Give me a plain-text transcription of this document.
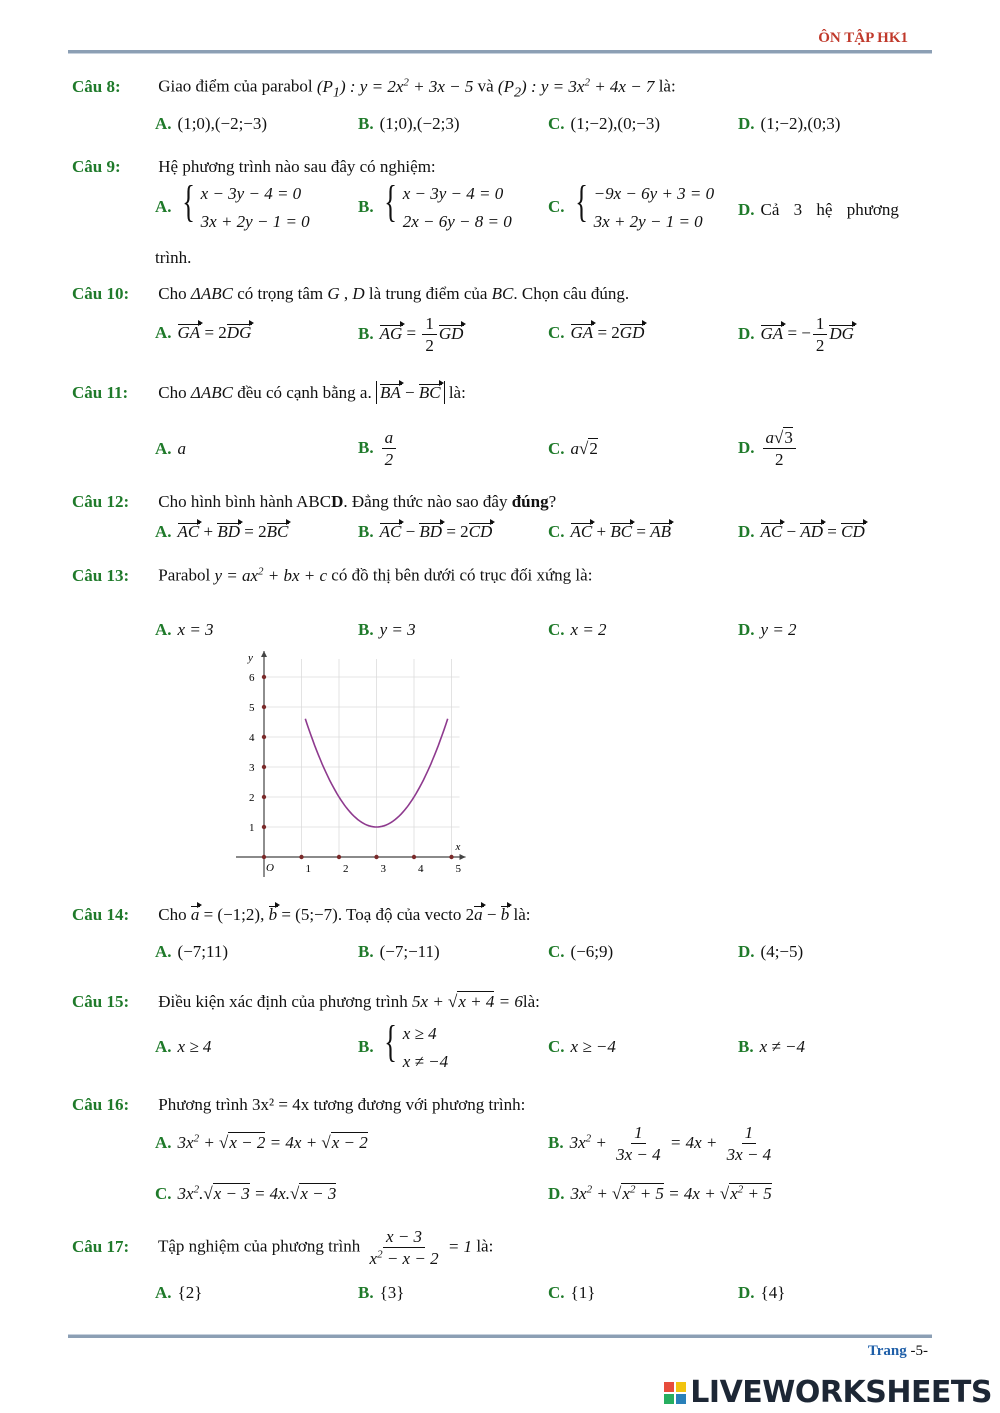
ÔN TẬP HK1
Câu 8: Giao điểm của parabol $(P_1)$ : $y = 2x^2 + 3x - 5$ và $(P_2)$ : $y = 3x^2 + 4x - 7$ là:
A. (1;0),(−2;−3)	B. (1;0),(−2;3)	C. (1;−2),(0;−3)	D. (1;−2),(0;3)
Câu 9: Hệ phương trình nào sau đây có nghiệm:
A. { x − 3y − 4 = 0
3x + 2y − 1 = 0
B. { x − 3y − 4 = 0
2x − 6y − 8 = 0
C. { −9x − 6y + 3 = 0
3x + 2y − 1 = 0
D. Cả 3 hệ phương
trình.
Câu 10: Cho ΔABC có trọng tâm G , D là trung điểm của BC. Chọn câu đúng.
A. GA = 2DG	B. AG = $\frac{1}{2}$ GD	C. GA = 2GD	D. GA = − $\frac{1}{2}$ DG
Câu 11: Cho ΔABC đều có cạnh bằng a. BA − BC là:
A. a	B. $\frac{a}{2}$	C. a√2	D. $\frac{a√3}{2}$
Câu 12: Cho hình bình hành ABCD. Đẳng thức nào sao đây đúng?
A. AC + BD = 2BC	B. AC − BD = 2CD	C. AC + BC = AB	D. AC − AD = CD
Câu 13: Parabol $y = ax^2$ + bx + c có đồ thị bên dưới có trục đối xứng là:
A. x = 3	B. y = 3	C. x = 2	D. y = 2
1	2	3	4	5
1
2
3
4
5
6
x
y
O
Câu 14: Cho a = (−1;2), b = (5;−7). Toạ độ của vecto 2a − b là:
A. (−7;11)	B. (−7;−11)	C. (−6;9)	D. (4;−5)
Câu 15: Điều kiện xác định của phương trình 5x + √x + 4 = 6là:
A. x ≥ 4	B. { x ≥ 4
x ≠ −4
C. x ≥ −4	B. x ≠ −4
Câu 16: Phương trình 3x² = 4x tương đương với phương trình:
A. $3x^2 + √x - 2 = 4x + √x - 2$	B. $3x^2 + \frac{1}{3x - 4} = 4x + \frac{1}{3x - 4}$
C. $3x^2.√x - 3 = 4x.√x - 3$	D. $3x^2 + √x^2 + 5 = 4x + √x^2 + 5$
Câu 17: Tập nghiệm của phương trình $\frac{x - 3}{x^2 - x - 2} = 1$ là:
A. {2}	B. {3}	C. {1}	D. {4}
Trang -5-
LIVEWORKSHEETS
